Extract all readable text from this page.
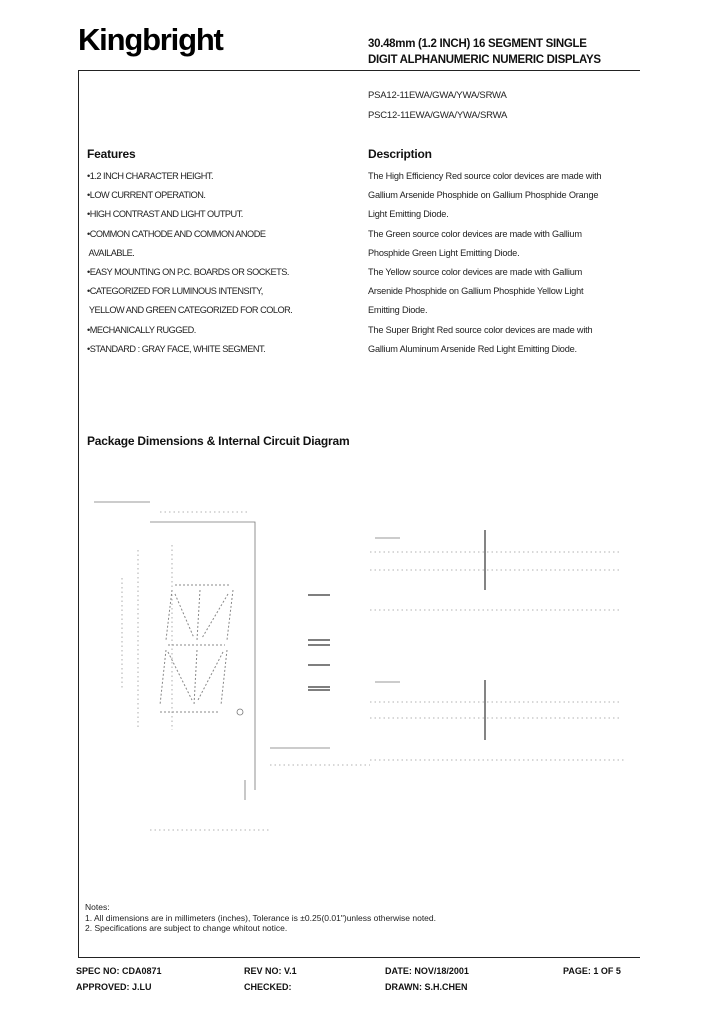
Kingbright	30.48mm (1.2 INCH) 16 SEGMENT SINGLE
DIGIT ALPHANUMERIC NUMERIC DISPLAYS
PSA12-11EWA/GWA/YWA/SRWA
PSC12-11EWA/GWA/YWA/SRWA
Features
•1.2 INCH CHARACTER HEIGHT.
•LOW CURRENT OPERATION.
•HIGH CONTRAST AND LIGHT OUTPUT.
•COMMON CATHODE AND COMMON ANODE
AVAILABLE.
•EASY MOUNTING ON P.C. BOARDS OR SOCKETS.
•CATEGORIZED FOR LUMINOUS INTENSITY,
YELLOW AND GREEN CATEGORIZED FOR COLOR.
•MECHANICALLY RUGGED.
•STANDARD : GRAY FACE, WHITE SEGMENT.
Description
The High Efficiency Red source color devices are made with
Gallium Arsenide Phosphide on Gallium Phosphide Orange
Light Emitting Diode.
The Green source color devices are made with Gallium
Phosphide Green Light Emitting Diode.
The Yellow source color devices are made with Gallium
Arsenide Phosphide on Gallium Phosphide Yellow Light
Emitting Diode.
The Super Bright Red source color devices are made with
Gallium Aluminum Arsenide Red Light Emitting Diode.
Package Dimensions & Internal Circuit Diagram
Notes:
1. All dimensions are in millimeters (inches), Tolerance is ±0.25(0.01")unless otherwise noted.
2. Specifications are subject to change whitout notice.
SPEC NO: CDA0871	REV NO: V.1	DATE: NOV/18/2001	PAGE: 1 OF 5
APPROVED: J.LU	CHECKED:	DRAWN: S.H.CHEN
